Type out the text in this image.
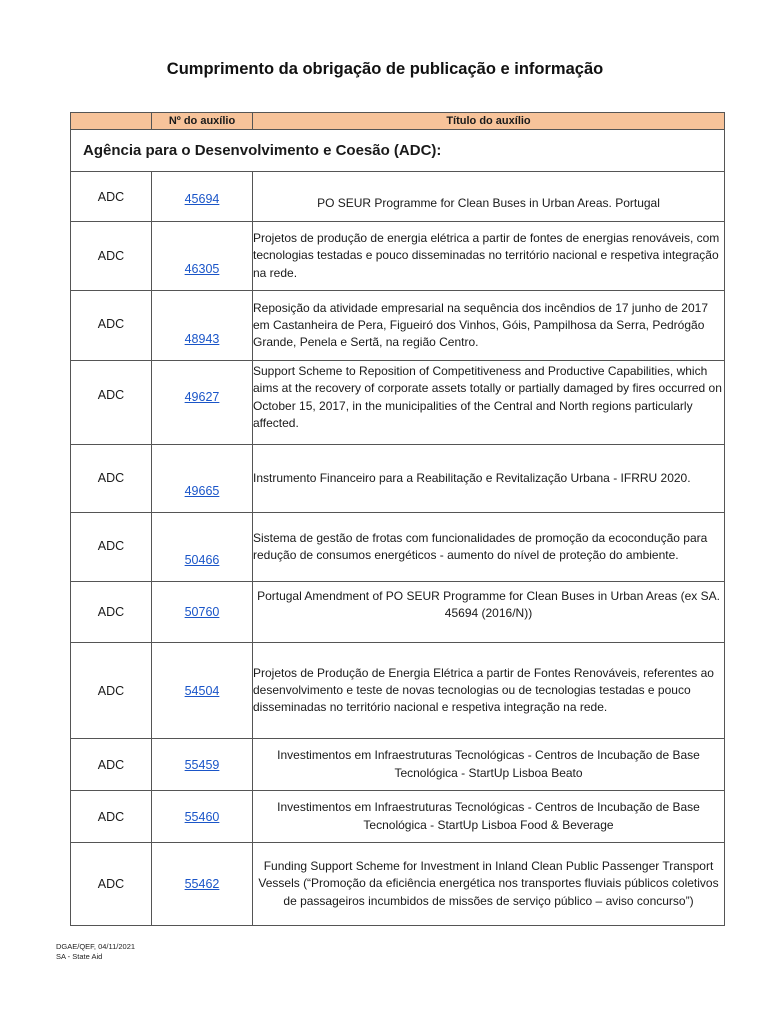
Cumprimento da obrigação de publicação e informação
	Nº do auxílio	Título do auxílio
Agência para o Desenvolvimento e Coesão (ADC):		
ADC	45694	PO SEUR Programme for Clean Buses in Urban Areas. Portugal
ADC	46305	Projetos de produção de energia elétrica a partir de fontes de energias renováveis, com tecnologias testadas e pouco disseminadas no território nacional e respetiva integração na rede.
ADC	48943	Reposição da atividade empresarial na sequência dos incêndios de 17 junho de 2017 em Castanheira de Pera, Figueiró dos Vinhos, Góis, Pampilhosa da Serra, Pedrógão Grande, Penela e Sertã, na região Centro.
ADC	49627	Support Scheme to Reposition of Competitiveness and Productive Capabilities, which aims at the recovery of corporate assets totally or partially damaged by fires occurred on October 15, 2017, in the municipalities of the Central and North regions particularly affected.
ADC	49665	Instrumento Financeiro para a Reabilitação e Revitalização Urbana - IFRRU 2020.
ADC	50466	Sistema de gestão de frotas com funcionalidades de promoção da ecocondução para redução de consumos energéticos - aumento do nível de proteção do ambiente.
ADC	50760	Portugal Amendment of PO SEUR Programme for Clean Buses in Urban Areas (ex SA. 45694 (2016/N))
ADC	54504	Projetos de Produção de Energia Elétrica a partir de Fontes Renováveis, referentes ao desenvolvimento e teste de novas tecnologias ou de tecnologias testadas e pouco disseminadas no território nacional e respetiva integração na rede.
ADC	55459	Investimentos em Infraestruturas Tecnológicas - Centros de Incubação de Base Tecnológica - StartUp Lisboa Beato
ADC	55460	Investimentos em Infraestruturas Tecnológicas - Centros de Incubação de Base Tecnológica - StartUp Lisboa Food & Beverage
ADC	55462	Funding Support Scheme for Investment in Inland Clean Public Passenger Transport Vessels (“Promoção da eficiência energética nos transportes fluviais públicos coletivos de passageiros incumbidos de missões de serviço público – aviso concurso”)
DGAE/QEF, 04/11/2021
SA - State Aid
